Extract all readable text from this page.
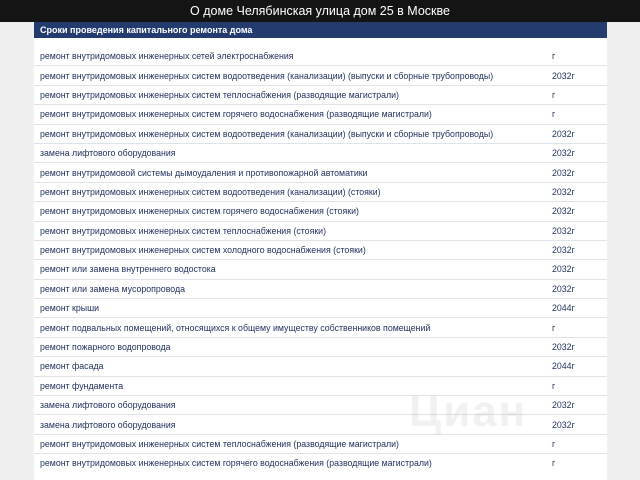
О доме Челябинская улица дом 25 в Москве
Сроки проведения капитального ремонта дома
ремонт внутридомовых инженерных сетей электроснабжения	г
ремонт внутридомовых инженерных систем водоотведения (канализации) (выпуски и сборные трубопроводы)	2032г
ремонт внутридомовых инженерных систем теплоснабжения (разводящие магистрали)	г
ремонт внутридомовых инженерных систем горячего водоснабжения (разводящие магистрали)	г
ремонт внутридомовых инженерных систем водоотведения (канализации) (выпуски и сборные трубопроводы)	2032г
замена лифтового оборудования	2032г
ремонт внутридомовой системы дымоудаления и противопожарной автоматики	2032г
ремонт внутридомовых инженерных систем водоотведения (канализации) (стояки)	2032г
ремонт внутридомовых инженерных систем горячего водоснабжения (стояки)	2032г
ремонт внутридомовых инженерных систем теплоснабжения (стояки)	2032г
ремонт внутридомовых инженерных систем холодного водоснабжения (стояки)	2032г
ремонт или замена внутреннего водостока	2032г
ремонт или замена мусоропровода	2032г
ремонт крыши	2044г
ремонт подвальных помещений, относящихся к общему имуществу собственников помещений	г
ремонт пожарного водопровода	2032г
ремонт фасада	2044г
ремонт фундамента	г
замена лифтового оборудования	2032г
замена лифтового оборудования	2032г
ремонт внутридомовых инженерных систем теплоснабжения (разводящие магистрали)	г
ремонт внутридомовых инженерных систем горячего водоснабжения (разводящие магистрали)	г
Циан
